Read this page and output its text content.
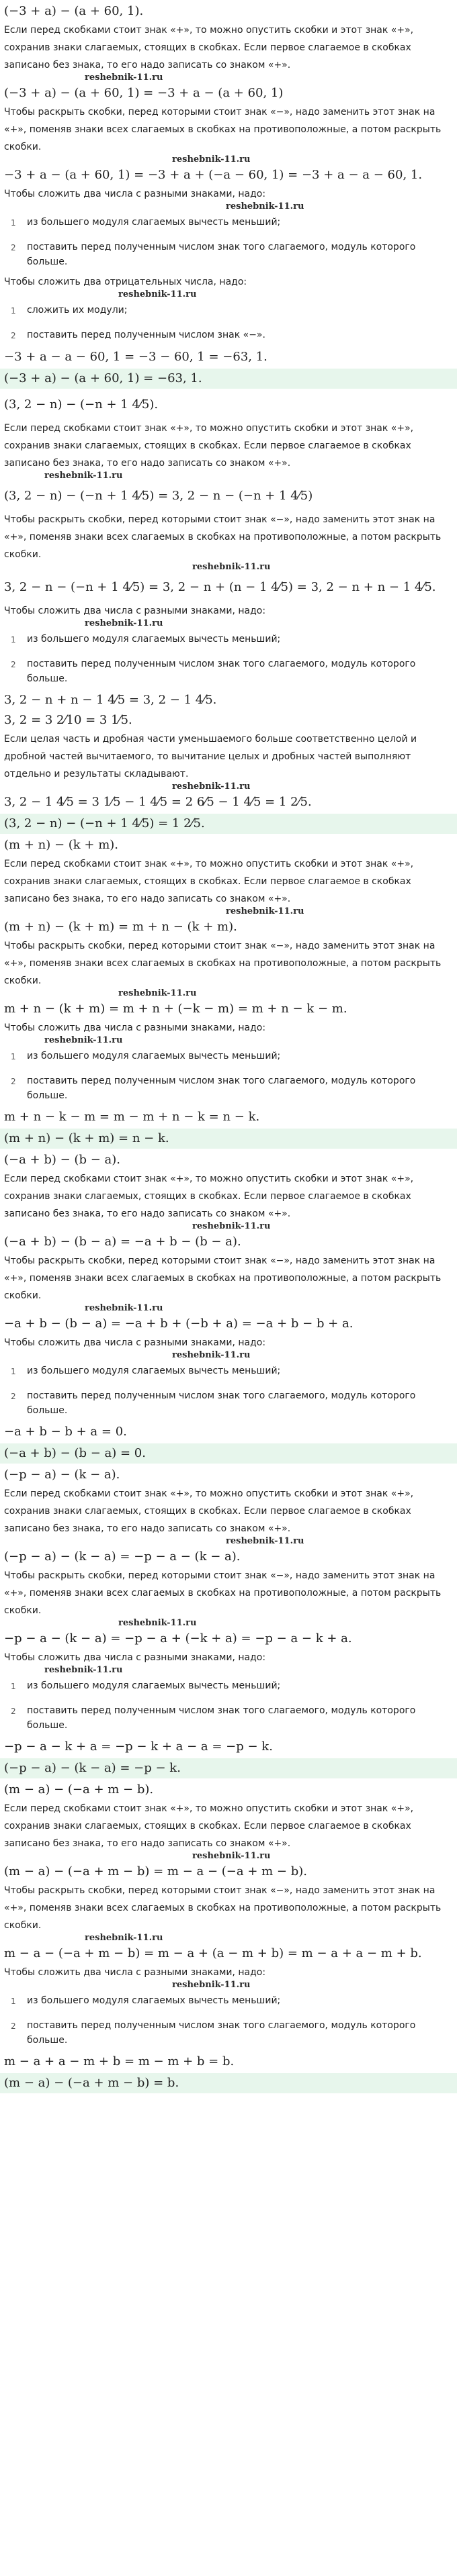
(−3 + a) − (a + 60, 1).
Если перед скобками стоит знак «+», то можно опустить скобки и этот знак «+», сохранив знаки слагаемых, стоящих в скобках. Если первое слагаемое в скобках записано без знака, то его надо записать со знаком «+».
reshebnik-11.ru
(−3 + a) − (a + 60, 1) = −3 + a − (a + 60, 1)
Чтобы раскрыть скобки, перед которыми стоит знак «−», надо заменить этот знак на «+», поменяв знаки всех слагаемых в скобках на противоположные, а потом раскрыть скобки.
reshebnik-11.ru
−3 + a − (a + 60, 1) = −3 + a + (−a − 60, 1) = −3 + a − a − 60, 1.
Чтобы сложить два числа с разными знаками, надо:
reshebnik-11.ru
1	из большего модуля слагаемых вычесть меньший;
2	поставить перед полученным числом знак того слагаемого, модуль которого больше.
Чтобы сложить два отрицательных числа, надо:
reshebnik-11.ru
1	сложить их модули;
2	поставить перед полученным числом знак «−».
−3 + a − a − 60, 1 = −3 − 60, 1 = −63, 1.
(−3 + a) − (a + 60, 1) = −63, 1.
(3, 2 − n) − (−n + 1 4⁄5).
Если перед скобками стоит знак «+», то можно опустить скобки и этот знак «+», сохранив знаки слагаемых, стоящих в скобках. Если первое слагаемое в скобках записано без знака, то его надо записать со знаком «+».
reshebnik-11.ru
(3, 2 − n) − (−n + 1 4⁄5) = 3, 2 − n − (−n + 1 4⁄5)
Чтобы раскрыть скобки, перед которыми стоит знак «−», надо заменить этот знак на «+», поменяв знаки всех слагаемых в скобках на противоположные, а потом раскрыть скобки.
reshebnik-11.ru
3, 2 − n − (−n + 1 4⁄5) = 3, 2 − n + (n − 1 4⁄5) = 3, 2 − n + n − 1 4⁄5.
Чтобы сложить два числа с разными знаками, надо:
reshebnik-11.ru
1	из большего модуля слагаемых вычесть меньший;
2	поставить перед полученным числом знак того слагаемого, модуль которого больше.
3, 2 − n + n − 1 4⁄5 = 3, 2 − 1 4⁄5.
3, 2 = 3 2⁄10 = 3 1⁄5.
Если целая часть и дробная части уменьшаемого больше соответственно целой и дробной частей вычитаемого, то вычитание целых и дробных частей выполняют отдельно и результаты складывают.
reshebnik-11.ru
3, 2 − 1 4⁄5 = 3 1⁄5 − 1 4⁄5 = 2 6⁄5 − 1 4⁄5 = 1 2⁄5.
(3, 2 − n) − (−n + 1 4⁄5) = 1 2⁄5.
(m + n) − (k + m).
Если перед скобками стоит знак «+», то можно опустить скобки и этот знак «+», сохранив знаки слагаемых, стоящих в скобках. Если первое слагаемое в скобках записано без знака, то его надо записать со знаком «+».
reshebnik-11.ru
(m + n) − (k + m) = m + n − (k + m).
Чтобы раскрыть скобки, перед которыми стоит знак «−», надо заменить этот знак на «+», поменяв знаки всех слагаемых в скобках на противоположные, а потом раскрыть скобки.
reshebnik-11.ru
m + n − (k + m) = m + n + (−k − m) = m + n − k − m.
Чтобы сложить два числа с разными знаками, надо:
reshebnik-11.ru
1	из большего модуля слагаемых вычесть меньший;
2	поставить перед полученным числом знак того слагаемого, модуль которого больше.
m + n − k − m = m − m + n − k = n − k.
(m + n) − (k + m) = n − k.
(−a + b) − (b − a).
Если перед скобками стоит знак «+», то можно опустить скобки и этот знак «+», сохранив знаки слагаемых, стоящих в скобках. Если первое слагаемое в скобках записано без знака, то его надо записать со знаком «+».
reshebnik-11.ru
(−a + b) − (b − a) = −a + b − (b − a).
Чтобы раскрыть скобки, перед которыми стоит знак «−», надо заменить этот знак на «+», поменяв знаки всех слагаемых в скобках на противоположные, а потом раскрыть скобки.
reshebnik-11.ru
−a + b − (b − a) = −a + b + (−b + a) = −a + b − b + a.
Чтобы сложить два числа с разными знаками, надо:
reshebnik-11.ru
1	из большего модуля слагаемых вычесть меньший;
2	поставить перед полученным числом знак того слагаемого, модуль которого больше.
−a + b − b + a = 0.
(−a + b) − (b − a) = 0.
(−p − a) − (k − a).
Если перед скобками стоит знак «+», то можно опустить скобки и этот знак «+», сохранив знаки слагаемых, стоящих в скобках. Если первое слагаемое в скобках записано без знака, то его надо записать со знаком «+».
reshebnik-11.ru
(−p − a) − (k − a) = −p − a − (k − a).
Чтобы раскрыть скобки, перед которыми стоит знак «−», надо заменить этот знак на «+», поменяв знаки всех слагаемых в скобках на противоположные, а потом раскрыть скобки.
reshebnik-11.ru
−p − a − (k − a) = −p − a + (−k + a) = −p − a − k + a.
Чтобы сложить два числа с разными знаками, надо:
reshebnik-11.ru
1	из большего модуля слагаемых вычесть меньший;
2	поставить перед полученным числом знак того слагаемого, модуль которого больше.
−p − a − k + a = −p − k + a − a = −p − k.
(−p − a) − (k − a) = −p − k.
(m − a) − (−a + m − b).
Если перед скобками стоит знак «+», то можно опустить скобки и этот знак «+», сохранив знаки слагаемых, стоящих в скобках. Если первое слагаемое в скобках записано без знака, то его надо записать со знаком «+».
reshebnik-11.ru
(m − a) − (−a + m − b) = m − a − (−a + m − b).
Чтобы раскрыть скобки, перед которыми стоит знак «−», надо заменить этот знак на «+», поменяв знаки всех слагаемых в скобках на противоположные, а потом раскрыть скобки.
reshebnik-11.ru
m − a − (−a + m − b) = m − a + (a − m + b) = m − a + a − m + b.
Чтобы сложить два числа с разными знаками, надо:
reshebnik-11.ru
1	из большего модуля слагаемых вычесть меньший;
2	поставить перед полученным числом знак того слагаемого, модуль которого больше.
m − a + a − m + b = m − m + b = b.
(m − a) − (−a + m − b) = b.
